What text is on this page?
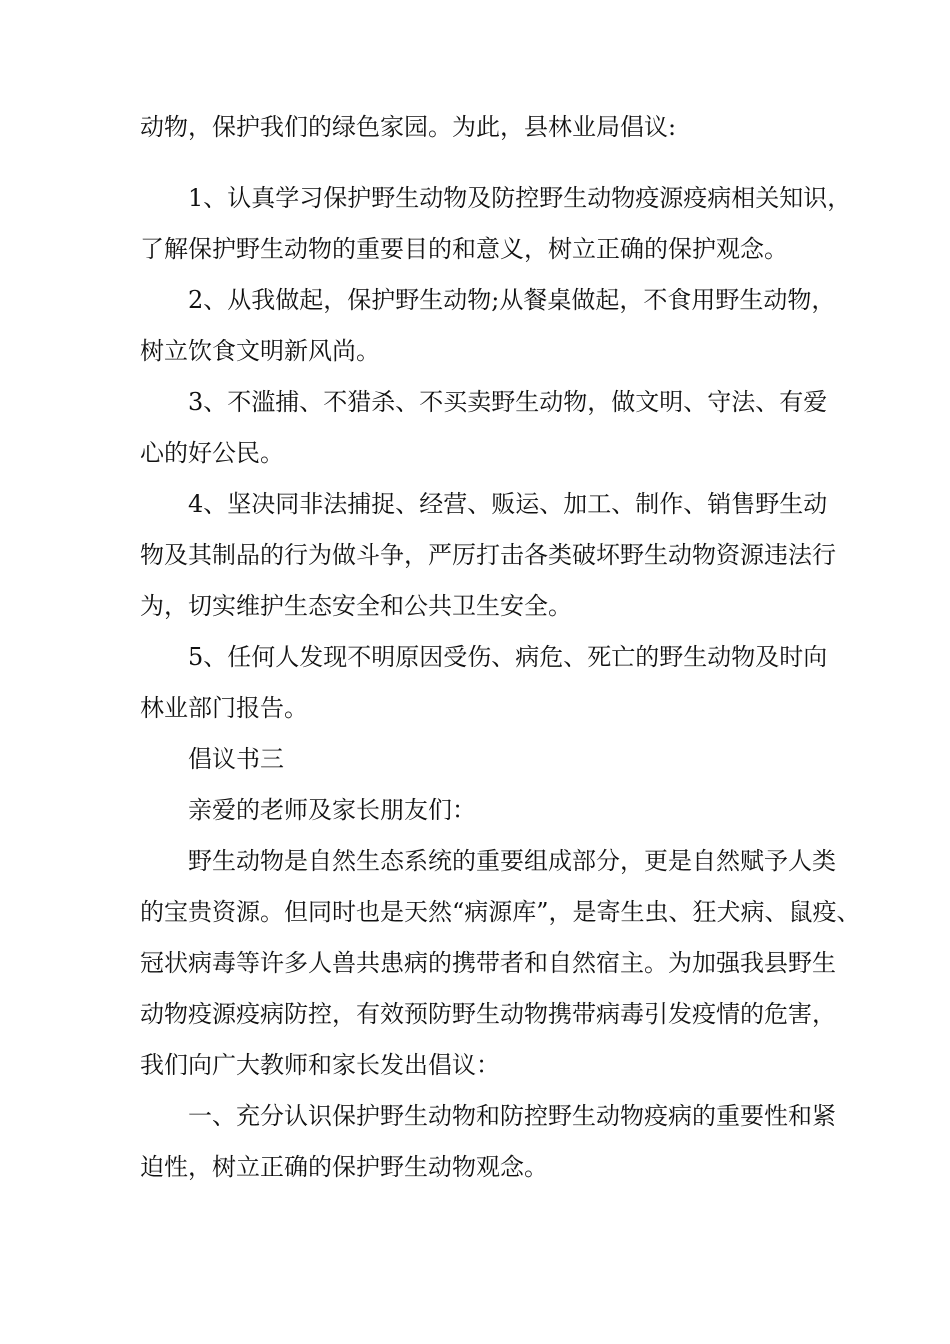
动物，保护我们的绿色家园。为此，县林业局倡议:
1、认真学习保护野生动物及防控野生动物疫源疫病相关知识，
了解保护野生动物的重要目的和意义，树立正确的保护观念。
2、从我做起，保护野生动物;从餐桌做起，不食用野生动物，
树立饮食文明新风尚。
3、不滥捕、不猎杀、不买卖野生动物，做文明、守法、有爱
心的好公民。
4、坚决同非法捕捉、经营、贩运、加工、制作、销售野生动
物及其制品的行为做斗争，严厉打击各类破坏野生动物资源违法行
为，切实维护生态安全和公共卫生安全。
5、任何人发现不明原因受伤、病危、死亡的野生动物及时向
林业部门报告。
倡议书三
亲爱的老师及家长朋友们：
野生动物是自然生态系统的重要组成部分，更是自然赋予人类
的宝贵资源。但同时也是天然“病源库”，是寄生虫、狂犬病、鼠疫、
冠状病毒等许多人兽共患病的携带者和自然宿主。为加强我县野生
动物疫源疫病防控，有效预防野生动物携带病毒引发疫情的危害，
我们向广大教师和家长发出倡议：
一、充分认识保护野生动物和防控野生动物疫病的重要性和紧
迫性，树立正确的保护野生动物观念。
